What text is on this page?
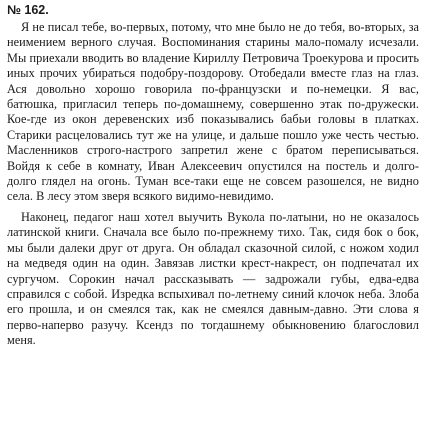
№ 162.

Я не писал тебе, во-первых, потому, что мне было не до тебя, во-вторых, за неимением верного случая. Воспоминания старины мало-помалу исчезали. Мы приехали вводить во владение Кириллу Петровича Троекурова и просить иных прочих убираться подобру-поздорову. Отобедали вместе глаз на глаз. Ася довольно хорошо говорила по-французски и по-немецки. Я вас, батюшка, пригласил теперь по-домашнему, совершенно этак по-дружески. Кое-где из окон деревенских изб показывались бабьи головы в платках. Старики расцеловались тут же на улице, и дальше пошло уже честь честью. Масленников строго-настрого запретил жене с братом переписываться. Войдя к себе в комнату, Иван Алексеевич опустился на постель и долго-долго глядел на огонь. Туман все-таки еще не совсем разошелся, не видно села. В лесу этом зверя всякого видимо-невидимо.

Наконец, педагог наш хотел выучить Вукола по-латыни, но не оказалось латинской книги. Сначала все было по-прежнему тихо. Так, сидя бок о бок, мы были далеки друг от друга. Он обладал сказочной силой, с ножом ходил на медведя один на один. Завязав листки крест-накрест, он подпечатал их сургучом. Сорокин начал рассказывать — задрожали губы, едва-едва справился с собой. Изредка вспыхивал по-летнему синий клочок неба. Злоба его прошла, и он смеялся так, как не смеялся давным-давно. Эти слова я перво-наперво разучу. Ксендз по тогдашнему обыкновению благословил меня.
